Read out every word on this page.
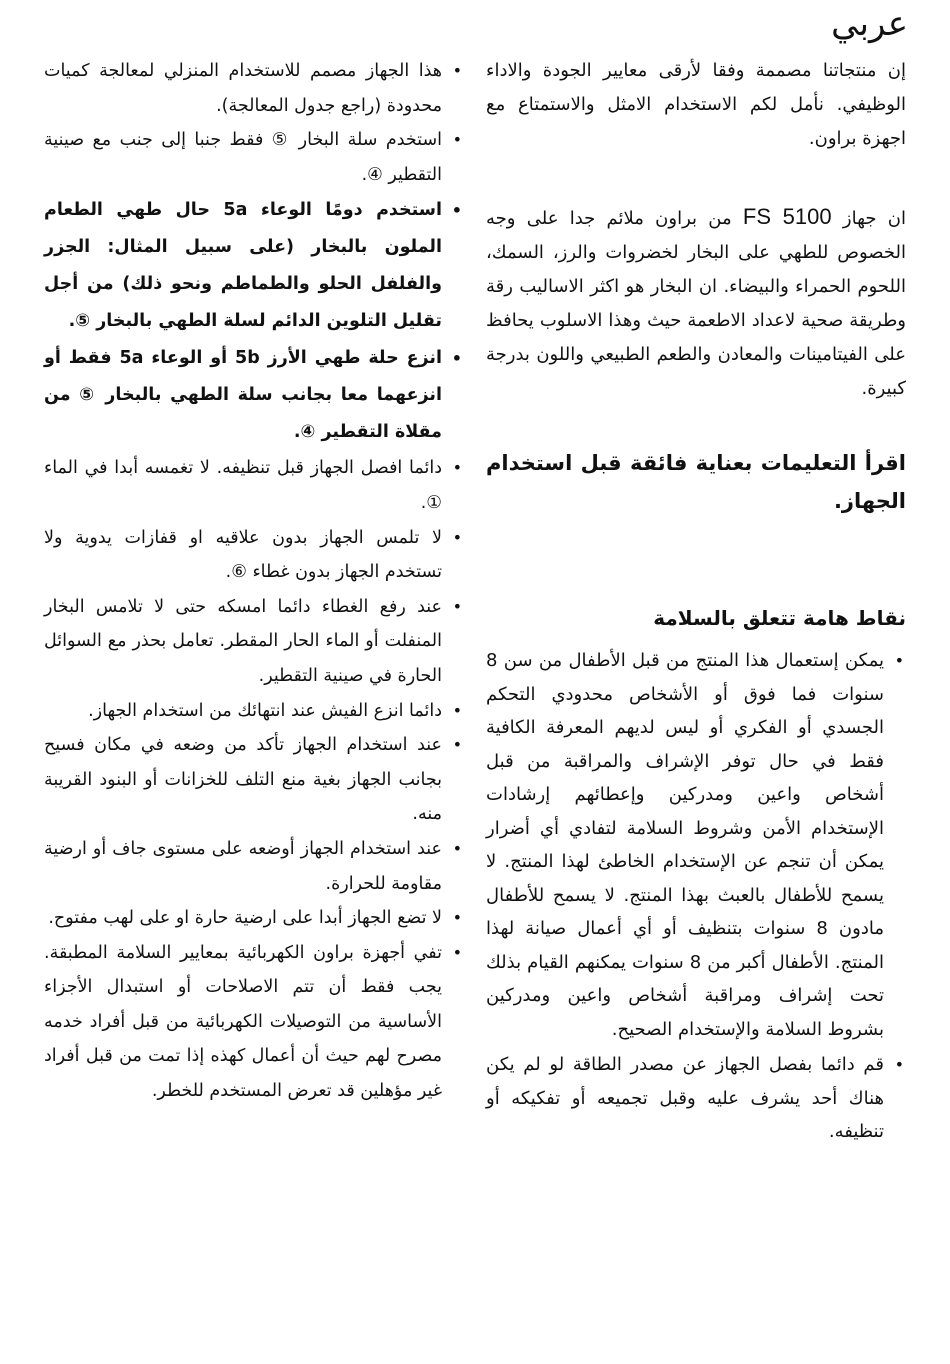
عربي

إن منتجاتنا مصممة وفقا لأرقى معايير الجودة والاداء الوظيفي. نأمل لكم الاستخدام الامثل والاستمتاع مع اجهزة براون.

ان جهاز FS 5100 من براون ملائم جدا على وجه الخصوص للطهي على البخار لخضروات والرز، السمك، اللحوم الحمراء والبيضاء. ان البخار هو اكثر الاساليب رقة وطريقة صحية لاعداد الاطعمة حيث وهذا الاسلوب يحافظ على الفيتامينات والمعادن والطعم الطبيعي واللون بدرجة كبيرة.

اقرأ التعليمات بعناية فائقة قبل استخدام الجهاز.

نقاط هامة تتعلق بالسلامة

• يمكن إستعمال هذا المنتج من قبل الأطفال من سن 8 سنوات فما فوق أو الأشخاص محدودي التحكم الجسدي أو الفكري أو ليس لديهم المعرفة الكافية فقط في حال توفر الإشراف والمراقبة من قبل أشخاص واعين ومدركين وإعطائهم إرشادات الإستخدام الأمن وشروط السلامة لتفادي أي أضرار يمكن أن تنجم عن الإستخدام الخاطئ لهذا المنتج. لا يسمح للأطفال بالعبث بهذا المنتج. لا يسمح للأطفال مادون 8 سنوات بتنظيف أو أي أعمال صيانة لهذا المنتج. الأطفال أكبر من 8 سنوات يمكنهم القيام بذلك تحت إشراف ومراقبة أشخاص واعين ومدركين بشروط السلامة والإستخدام الصحيح.
• قم دائما بفصل الجهاز عن مصدر الطاقة لو لم يكن هناك أحد يشرف عليه وقبل تجميعه أو تفكيكه أو تنظيفه.
• هذا الجهاز مصمم للاستخدام المنزلي لمعالجة كميات محدودة (راجع جدول المعالجة).
• استخدم سلة البخار ⑤ فقط جنبا إلى جنب مع صينية التقطير ④.
• استخدم دومًا الوعاء 5a حال طهي الطعام الملون بالبخار (على سبيل المثال: الجزر والفلفل الحلو والطماطم ونحو ذلك) من أجل تقليل التلوين الدائم لسلة الطهي بالبخار ⑤.
• انزع حلة طهي الأرز 5b أو الوعاء 5a فقط أو انزعهما معا بجانب سلة الطهي بالبخار ⑤ من مقلاة التقطير ④.
• دائما افصل الجهاز قبل تنظيفه. لا تغمسه أبدا في الماء ①.
• لا تلمس الجهاز بدون علاقيه او قفازات يدوية ولا تستخدم الجهاز بدون غطاء ⑥.
• عند رفع الغطاء دائما امسكه حتى لا تلامس البخار المنفلت أو الماء الحار المقطر. تعامل بحذر مع السوائل الحارة في صينية التقطير.
• دائما انزع الفيش عند انتهائك من استخدام الجهاز.
• عند استخدام الجهاز تأكد من وضعه في مكان فسيح بجانب الجهاز بغية منع التلف للخزانات أو البنود القريبة منه.
• عند استخدام الجهاز أوضعه على مستوى جاف أو ارضية مقاومة للحرارة.
• لا تضع الجهاز أبدا على ارضية حارة او على لهب مفتوح.
• تفي أجهزة براون الكهربائية بمعايير السلامة المطبقة. يجب فقط أن تتم الاصلاحات أو استبدال الأجزاء الأساسية من التوصيلات الكهربائية من قبل أفراد خدمه مصرح لهم حيث أن أعمال كهذه إذا تمت من قبل أفراد غير مؤهلين قد تعرض المستخدم للخطر.
